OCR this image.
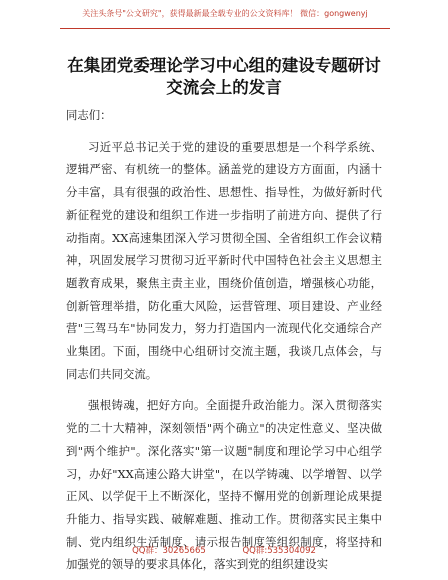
关注头条号"公文研究"，获得最新最全载专业的公文资料库！ 微信：gongwenyj
在集团党委理论学习中心组的建设专题研讨
交流会上的发言

同志们：

习近平总书记关于党的建设的重要思想是一个科学系统、逻辑严密、有机统一的整体。涵盖党的建设方方面面，内涵十分丰富，具有很强的政治性、思想性、指导性，为做好新时代新征程党的建设和组织工作进一步指明了前进方向、提供了行动指南。XX高速集团深入学习贯彻全国、全省组织工作会议精神，巩固发展学习贯彻习近平新时代中国特色社会主义思想主题教育成果，聚焦主责主业，围绕价值创造，增强核心功能，创新管理举措，防化重大风险，运营管理、项目建设、产业经营"三驾马车"协同发力，努力打造国内一流现代化交通综合产业集团。下面，围绕中心组研讨交流主题，我谈几点体会，与同志们共同交流。

强根铸魂，把好方向。全面提升政治能力。深入贯彻落实党的二十大精神，深刻领悟"两个确立"的决定性意义、坚决做到"两个维护"。深化落实"第一议题"制度和理论学习中心组学习，办好"XX高速公路大讲堂"，在以学铸魂、以学增智、以学正风、以学促干上不断深化，坚持不懈用党的创新理论成果提升能力、指导实践、破解难题、推动工作。贯彻落实民主集中制、党内组织生活制度、请示报告制度等组织制度，将坚持和加强党的领导的要求具体化，落实到党的组织建设实

QQ群：30265665	QQ群:535304092
